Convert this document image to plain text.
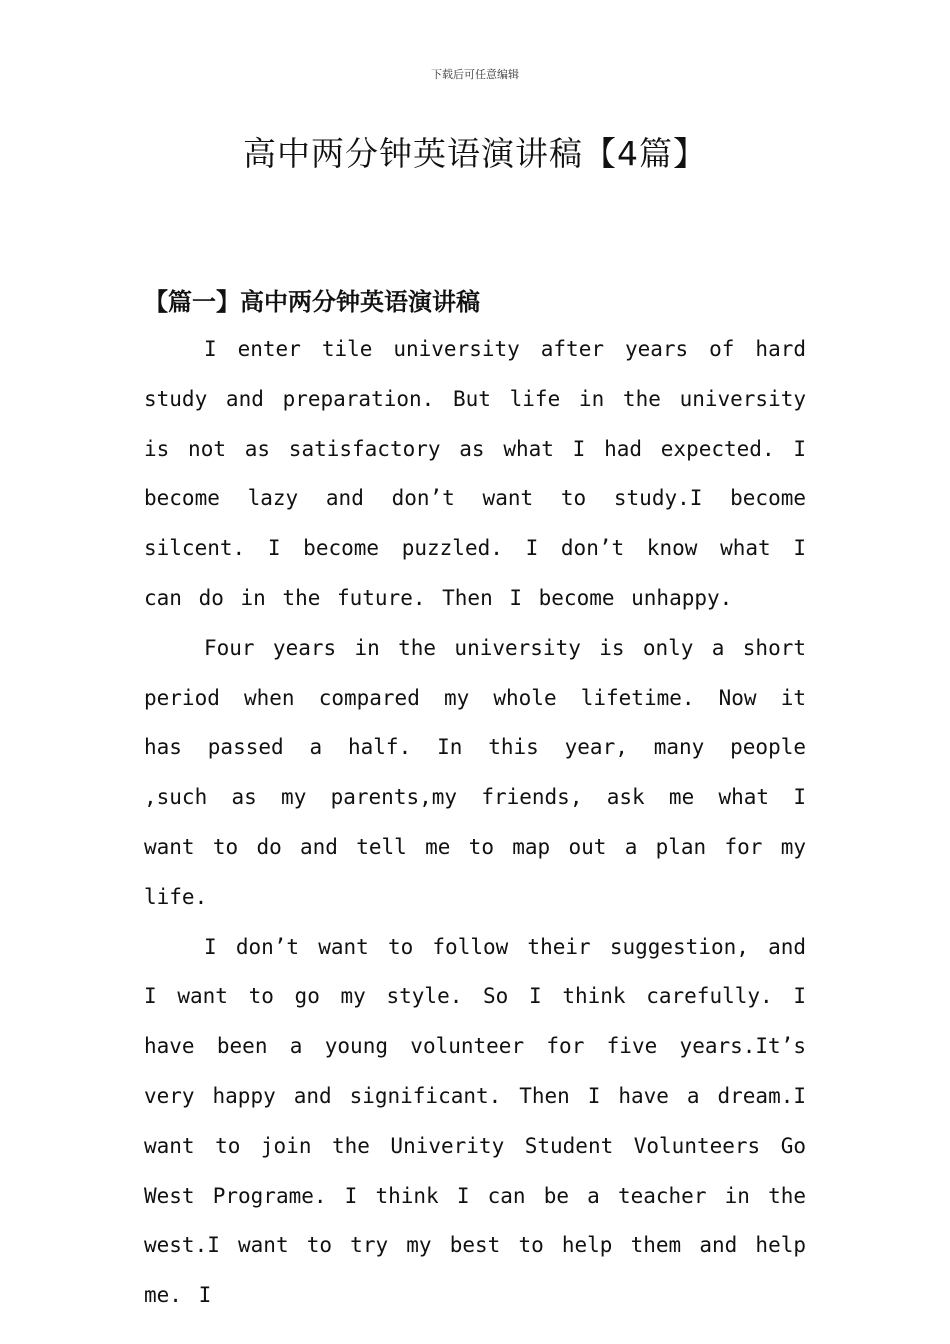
下载后可任意编辑
高中两分钟英语演讲稿【4篇】
【篇一】高中两分钟英语演讲稿

I enter tile university after years of hard study and preparation. But life in the university is not as satisfactory as what I had expected. I become lazy and don’t want to study.I become silcent. I become puzzled. I don’t know what I can do in the future. Then I become unhappy.

Four years in the university is only a short period when compared my whole lifetime. Now it has passed a half. In this year, many people ,such as my parents,my friends, ask me what I want to do and tell me to map out a plan for my life.

I don’t want to follow their suggestion, and I want to go my style. So I think carefully. I have been a young volunteer for five years.It’s very happy and significant. Then I have a dream.I want to join the Univerity Student Volunteers Go West Programe. I think I can be a teacher in the west.I want to try my best to help them and help me. I
